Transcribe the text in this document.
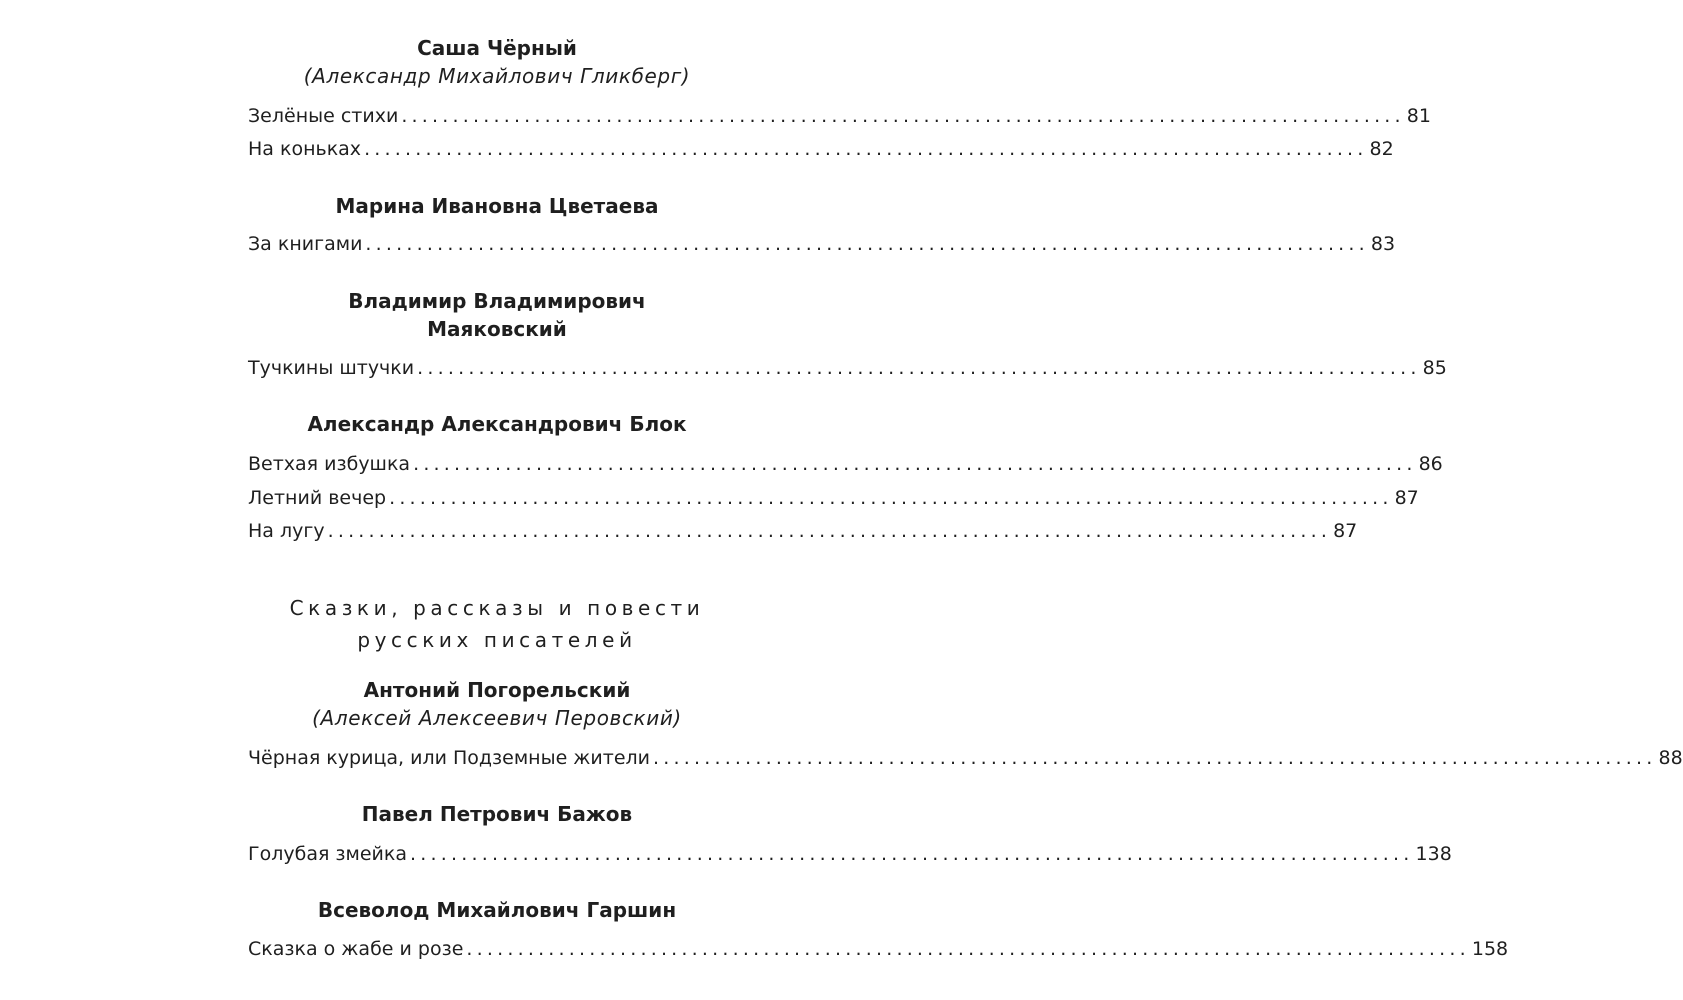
Саша Чёрный
(Александр Михайлович Гликберг)
Зелёные стихи .................................................................................................. 81
На коньках .................................................................................................. 82
Марина Ивановна Цветаева
За книгами .................................................................................................. 83
Владимир Владимирович
Маяковский
Тучкины штучки .................................................................................................. 85
Александр Александрович Блок
Ветхая избушка .................................................................................................. 86
Летний вечер .................................................................................................. 87
На лугу .................................................................................................. 87
Сказки, рассказы и повести
русских писателей
Антоний Погорельский
(Алексей Алексеевич Перовский)
Чёрная курица, или Подземные жители .................................................................................................. 88
Павел Петрович Бажов
Голубая змейка .................................................................................................. 138
Всеволод Михайлович Гаршин
Сказка о жабе и розе .................................................................................................. 158
